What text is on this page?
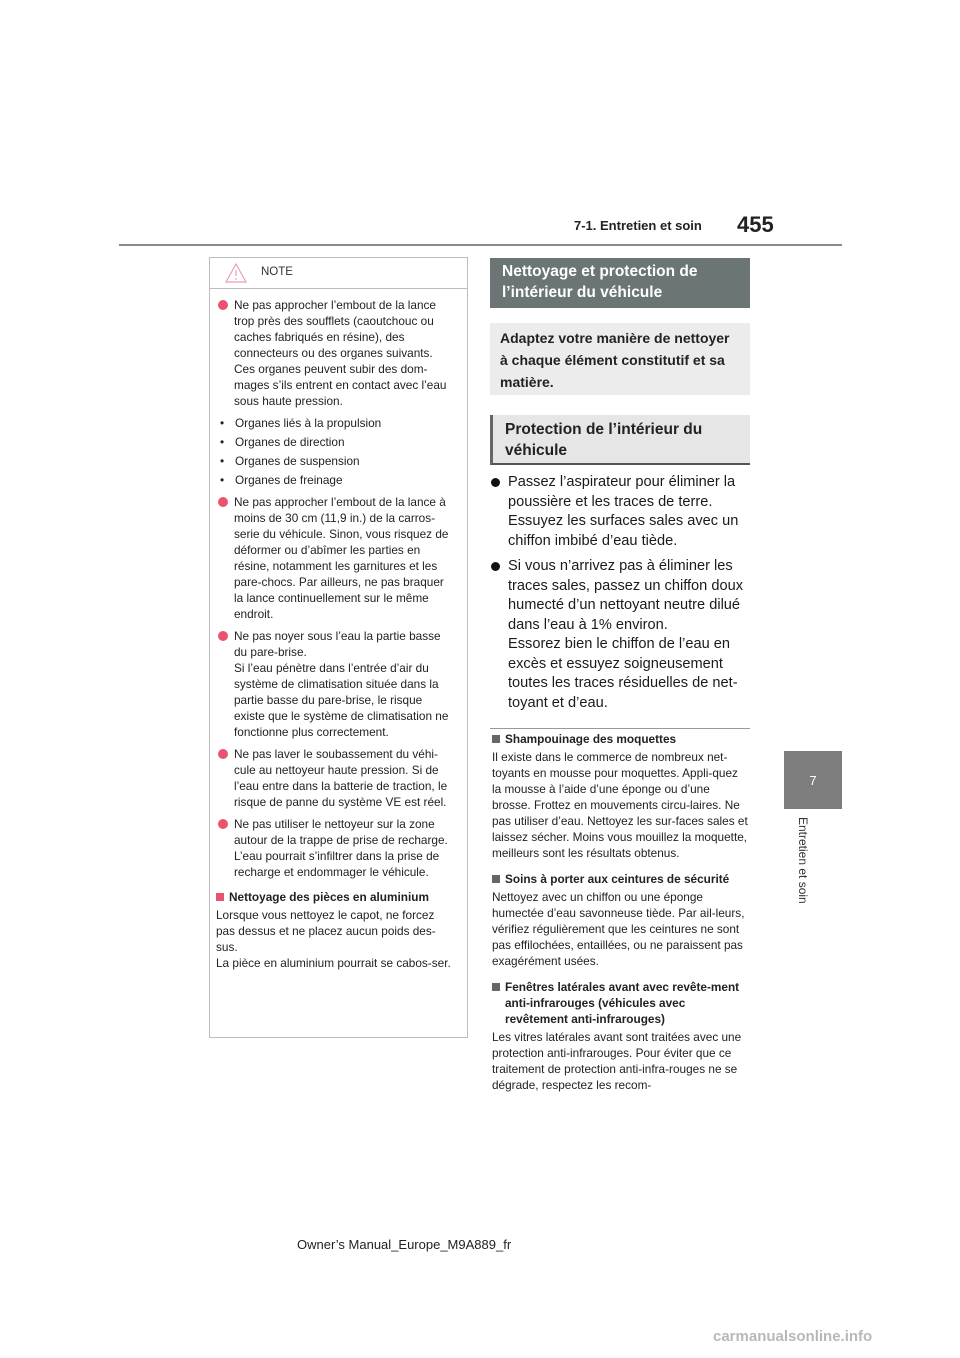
7-1. Entretien et soin 455
7
Entretien et soin
NOTE
Ne pas approcher l’embout de la lance trop près des soufflets (caoutchouc ou caches fabriqués en résine), des connecteurs ou des organes suivants. Ces organes peuvent subir des dom-mages s’ils entrent en contact avec l’eau sous haute pression.
• Organes liés à la propulsion
• Organes de direction
• Organes de suspension
• Organes de freinage
Ne pas approcher l’embout de la lance à moins de 30 cm (11,9 in.) de la carros-serie du véhicule. Sinon, vous risquez de déformer ou d’abîmer les parties en résine, notamment les garnitures et les pare-chocs. Par ailleurs, ne pas braquer la lance continuellement sur le même endroit.
Ne pas noyer sous l’eau la partie basse du pare-brise.
Si l’eau pénètre dans l’entrée d’air du système de climatisation située dans la partie basse du pare-brise, le risque existe que le système de climatisation ne fonctionne plus correctement.
Ne pas laver le soubassement du véhi-cule au nettoyeur haute pression. Si de l’eau entre dans la batterie de traction, le risque de panne du système VE est réel.
Ne pas utiliser le nettoyeur sur la zone autour de la trappe de prise de recharge. L’eau pourrait s’infiltrer dans la prise de recharge et endommager le véhicule.
Nettoyage des pièces en aluminium
Lorsque vous nettoyez le capot, ne forcez pas dessus et ne placez aucun poids des-sus.
La pièce en aluminium pourrait se cabos-ser.
Nettoyage et protection de l’intérieur du véhicule
Adaptez votre manière de nettoyer à chaque élément constitutif et sa matière.
Protection de l’intérieur du véhicule
Passez l’aspirateur pour éliminer la poussière et les traces de terre. Essuyez les surfaces sales avec un chiffon imbibé d’eau tiède.
Si vous n’arrivez pas à éliminer les traces sales, passez un chiffon doux humecté d’un nettoyant neutre dilué dans l’eau à 1% environ.
Essorez bien le chiffon de l’eau en excès et essuyez soigneusement toutes les traces résiduelles de net-toyant et d’eau.
Shampouinage des moquettes
Il existe dans le commerce de nombreux net-toyants en mousse pour moquettes. Appli-quez la mousse à l’aide d’une éponge ou d’une brosse. Frottez en mouvements circu-laires. Ne pas utiliser d’eau. Nettoyez les sur-faces sales et laissez sécher. Moins vous mouillez la moquette, meilleurs sont les résultats obtenus.
Soins à porter aux ceintures de sécurité
Nettoyez avec un chiffon ou une éponge humectée d’eau savonneuse tiède. Par ail-leurs, vérifiez régulièrement que les ceintures ne sont pas effilochées, entaillées, ou ne paraissent pas exagérément usées.
Fenêtres latérales avant avec revête-ment anti-infrarouges (véhicules avec revêtement anti-infrarouges)
Les vitres latérales avant sont traitées avec une protection anti-infrarouges. Pour éviter que ce traitement de protection anti-infra-rouges ne se dégrade, respectez les recom-
Owner’s Manual_Europe_M9A889_fr
carmanualsonline.info
